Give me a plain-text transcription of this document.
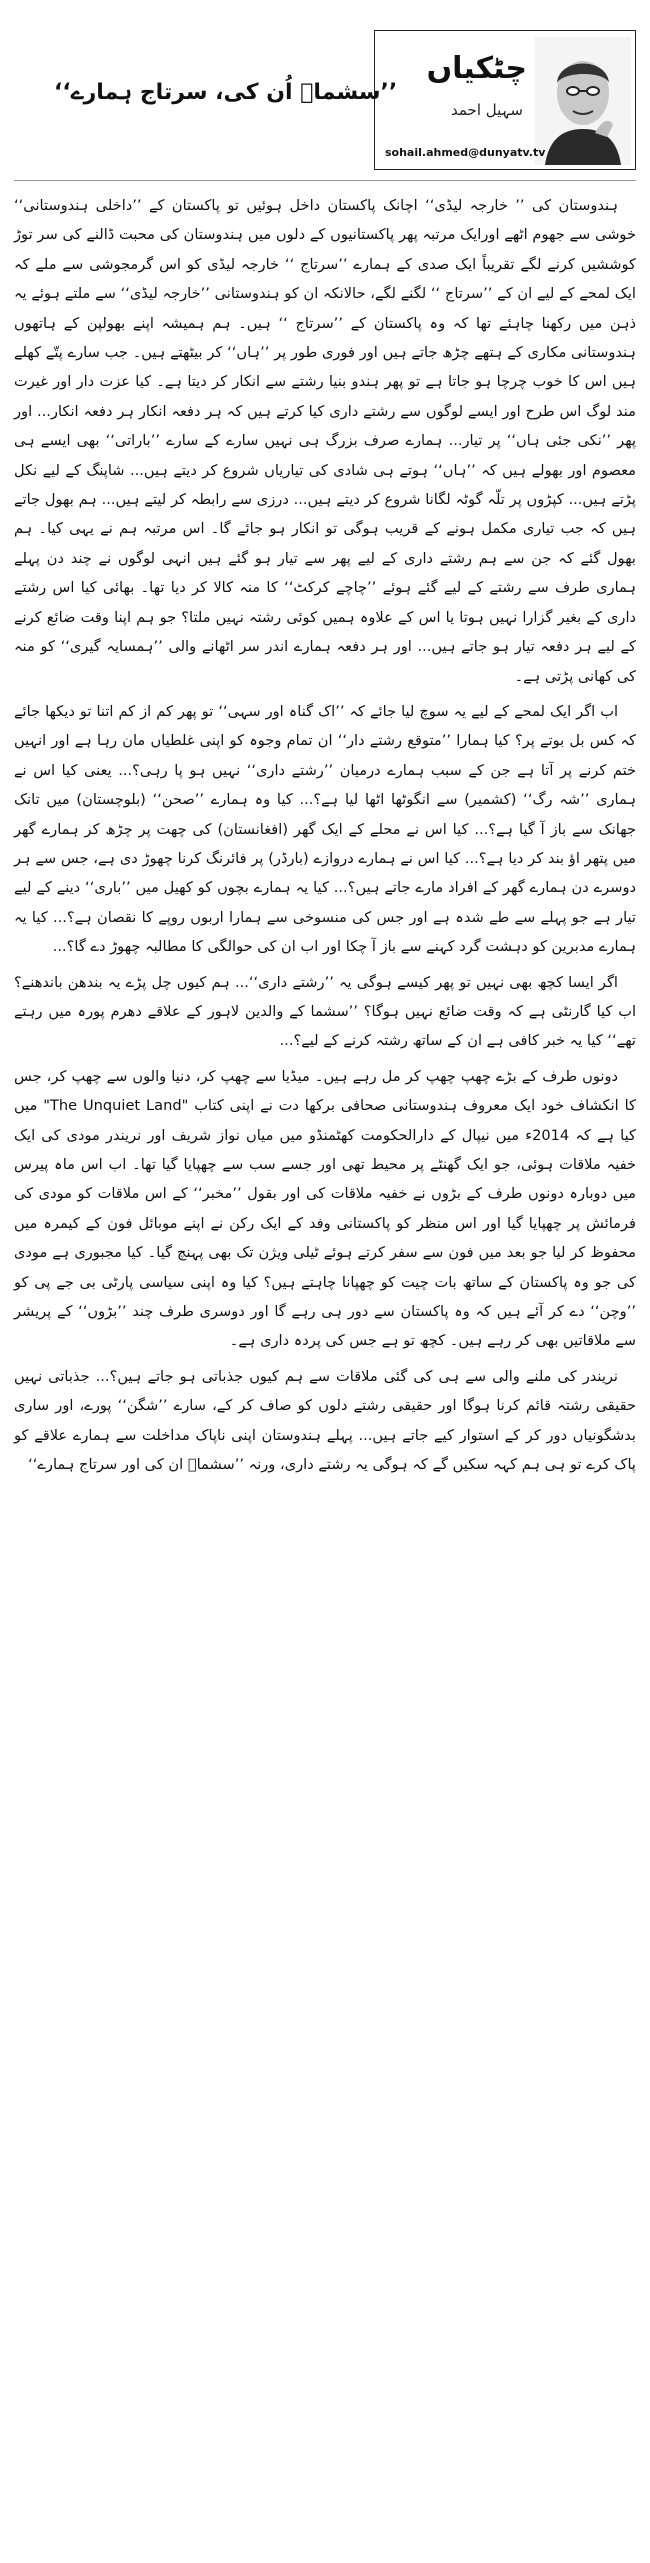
چٹکیاں
سہیل احمد
sohail.ahmed@dunyatv.tv
’’سشماؔ اُن کی، سرتاج ہمارے‘‘

ہندوستان کی ’’ خارجہ لیڈی‘‘ اچانک پاکستان داخل ہوئیں تو پاکستان کے ’’داخلی ہندوستانی‘‘ خوشی سے جھوم اٹھے اورایک مرتبہ پھر پاکستانیوں کے دلوں میں ہندوستان کی محبت ڈالنے کی سر توڑ کوششیں کرنے لگے تقریباً ایک صدی کے ہمارے ’’سرتاج ‘‘ خارجہ لیڈی کو اس گرمجوشی سے ملے کہ ایک لمحے کے لیے ان کے ’’سرتاج ‘‘ لگنے لگے، حالانکہ ان کو ہندوستانی ’’خارجہ لیڈی‘‘ سے ملتے ہوئے یہ ذہن میں رکھنا چاہئے تھا کہ وہ پاکستان کے ’’سرتاج ‘‘ ہیں۔ ہم ہمیشہ اپنے بھولپن کے ہاتھوں ہندوستانی مکاری کے ہتھے چڑھ جاتے ہیں اور فوری طور پر ’’ہاں‘‘ کر بیٹھتے ہیں۔ جب سارے پتّے کھلے ہیں اس کا خوب چرچا ہو جاتا ہے تو پھر ہندو بنیا رشتے سے انکار کر دیتا ہے۔ کیا عزت دار اور غیرت مند لوگ اس طرح اور ایسے لوگوں سے رشتے داری کیا کرتے ہیں کہ ہر دفعہ انکار ہر دفعہ انکار... اور پھر ’’نکی جئی ہاں‘‘ پر تیار... ہمارے صرف بزرگ ہی نہیں سارے کے سارے ’’باراتی‘‘ بھی ایسے ہی معصوم اور بھولے ہیں کہ ’’ہاں‘‘ ہوتے ہی شادی کی تیاریاں شروع کر دیتے ہیں... شاپنگ کے لیے نکل پڑتے ہیں... کپڑوں پر تلّہ گوٹہ لگانا شروع کر دیتے ہیں... درزی سے رابطہ کر لیتے ہیں... ہم بھول جاتے ہیں کہ جب تیاری مکمل ہونے کے قریب ہوگی تو انکار ہو جائے گا۔ اس مرتبہ ہم نے یہی کیا۔ ہم بھول گئے کہ جن سے ہم رشتے داری کے لیے پھر سے تیار ہو گئے ہیں انہی لوگوں نے چند دن پہلے ہماری طرف سے رشتے کے لیے گئے ہوئے ’’چاچے کرکٹ‘‘ کا منہ کالا کر دیا تھا۔ بھائی کیا اس رشتے داری کے بغیر گزارا نہیں ہوتا یا اس کے علاوہ ہمیں کوئی رشتہ نہیں ملتا؟ جو ہم اپنا وقت ضائع کرنے کے لیے ہر دفعہ تیار ہو جاتے ہیں... اور ہر دفعہ ہمارے اندر سر اٹھانے والی ’’ہمسایہ گیری‘‘ کو منہ کی کھانی پڑتی ہے۔

اب اگر ایک لمحے کے لیے یہ سوچ لیا جائے کہ ’’اک گناہ اور سہی‘‘ تو پھر کم از کم اتنا تو دیکھا جائے کہ کس بل بوتے پر؟ کیا ہمارا ’’متوقع رشتے دار‘‘ ان تمام وجوہ کو اپنی غلطیاں مان رہا ہے اور انہیں ختم کرنے پر آتا ہے جن کے سبب ہمارے درمیان ’’رشتے داری‘‘ نہیں ہو پا رہی؟... یعنی کیا اس نے ہماری ’’شہ رگ‘‘ (کشمیر) سے انگوٹھا اٹھا لیا ہے؟... کیا وہ ہمارے ’’صحن‘‘ (بلوچستان) میں تانک جھانک سے باز آ گیا ہے؟... کیا اس نے محلے کے ایک گھر (افغانستان) کی چھت پر چڑھ کر ہمارے گھر میں پتھر اؤ بند کر دیا ہے؟... کیا اس نے ہمارے دروازے (بارڈر) پر فائرنگ کرنا چھوڑ دی ہے، جس سے ہر دوسرے دن ہمارے گھر کے افراد مارے جاتے ہیں؟... کیا یہ ہمارے بچوں کو کھیل میں ’’باری‘‘ دینے کے لیے تیار ہے جو پہلے سے طے شدہ ہے اور جس کی منسوخی سے ہمارا اربوں روپے کا نقصان ہے؟... کیا یہ ہمارے مدبرین کو دہشت گرد کہنے سے باز آ چکا اور اب ان کی حوالگی کا مطالبہ چھوڑ دے گا؟...

اگر ایسا کچھ بھی نہیں تو پھر کیسے ہوگی یہ ’’رشتے داری‘‘... ہم کیوں چل پڑے یہ بندھن باندھنے؟ اب کیا گارنٹی ہے کہ وقت ضائع نہیں ہوگا؟ ’’سشما کے والدین لاہور کے علاقے دھرم پورہ میں رہتے تھے‘‘ کیا یہ خبر کافی ہے ان کے ساتھ رشتہ کرنے کے لیے؟...

دونوں طرف کے بڑے چھپ چھپ کر مل رہے ہیں۔ میڈیا سے چھپ کر، دنیا والوں سے چھپ کر، جس کا انکشاف خود ایک معروف ہندوستانی صحافی برکھا دت نے اپنی کتاب "The Unquiet Land" میں کیا ہے کہ 2014ء میں نیپال کے دارالحکومت کھٹمنڈو میں میاں نواز شریف اور نریندر مودی کی ایک خفیہ ملاقات ہوئی، جو ایک گھنٹے پر محیط تھی اور جسے سب سے چھپایا گیا تھا۔ اب اس ماہ پیرس میں دوبارہ دونوں طرف کے بڑوں نے خفیہ ملاقات کی اور بقول ’’مخبر‘‘ کے اس ملاقات کو مودی کی فرمائش پر چھپایا گیا اور اس منظر کو پاکستانی وفد کے ایک رکن نے اپنے موبائل فون کے کیمرہ میں محفوظ کر لیا جو بعد میں فون سے سفر کرتے ہوئے ٹیلی ویژن تک بھی پہنچ گیا۔ کیا مجبوری ہے مودی کی جو وہ پاکستان کے ساتھ بات چیت کو چھپانا چاہتے ہیں؟ کیا وہ اپنی سیاسی پارٹی بی جے پی کو ’’وچن‘‘ دے کر آئے ہیں کہ وہ پاکستان سے دور ہی رہے گا اور دوسری طرف چند ’’بڑوں‘‘ کے پریشر سے ملاقاتیں بھی کر رہے ہیں۔ کچھ تو ہے جس کی پردہ داری ہے۔

نریندر کی ملنے والی سے ہی کی گئی ملاقات سے ہم کیوں جذباتی ہو جاتے ہیں؟... جذباتی نہیں حقیقی رشتہ قائم کرنا ہوگا اور حقیقی رشتے دلوں کو صاف کر کے، سارے ’’شگن‘‘ پورے، اور ساری بدشگونیاں دور کر کے استوار کیے جاتے ہیں... پہلے ہندوستان اپنی ناپاک مداخلت سے ہمارے علاقے کو پاک کرے تو ہی ہم کہہ سکیں گے کہ ہوگی یہ رشتے داری، ورنہ ’’سشماؔ ان کی اور سرتاج ہمارے‘‘
